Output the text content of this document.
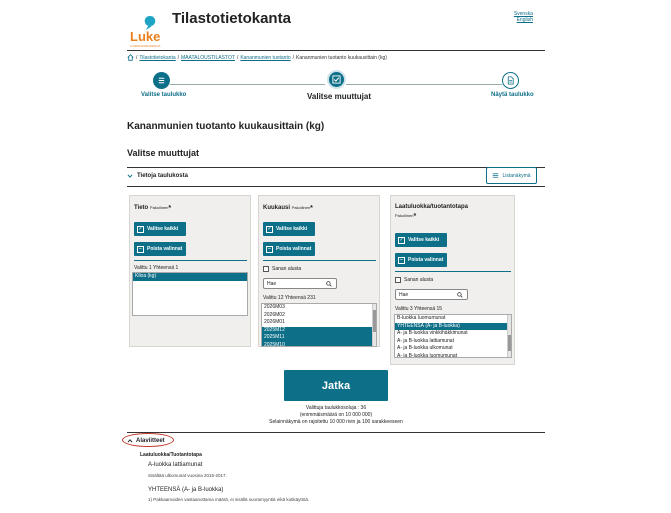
Luke
LUONNONVARAKESKUS
Tilastotietokanta	Svenska
English
/ Tilastotietokanta / MAATALOUSTILASTOT / Kananmunien tuotanto / Kananmunien tuotanto kuukausittain (kg)
Valitse taulukko	Valitse muuttujat	Näytä taulukko
Kananmunien tuotanto kuukausittain (kg)
Valitse muuttujat
Tietoja taulukosta	Listanäkymä
Tieto Pakollinen*
✓ Valitse kaikki
−	Poista valinnat
Valittu 1 Yhteensä 1
Kiloa (kg)
Kuukausi Pakollinen*
✓ Valitse kaikki
−	Poista valinnat
Sanan alusta
Hae
Valittu 12 Yhteensä 231
2026M03
2026M02
2026M01
2025M12
2025M11
2025M10
Laatuluokka/tuotantotapa
Pakollinen*
✓ Valitse kaikki
−	Poista valinnat
Sanan alusta
Hae
Valittu 3 Yhteensä 15
B-luokka luomumunat
YHTEENSÄ (A- ja B-luokka)
A- ja B-luokka vinkkihäkkimunat
A- ja B-luokka lattiamunat
A- ja B-luokka ulkomunat
A- ja B-luokka luomumunat
Jatka
Valittuja taulukkosoluja : 36
(enimmäismäärä on 10 000 000)
Selainnäkymä on rajoitettu 10 000 rivin ja 100 sarakkeeseen
Alaviitteet
Laatuluokka/Tuotantotapa
A-luokka lattiamunat
Sisältää ulkomunat vuosina 2015-2017.
YHTEENSÄ (A- ja B-luokka)
1) Pakkaamoiden vastaanottama määrä, ei sisällä suoramyyntiä eikä kotikäyttöä.
